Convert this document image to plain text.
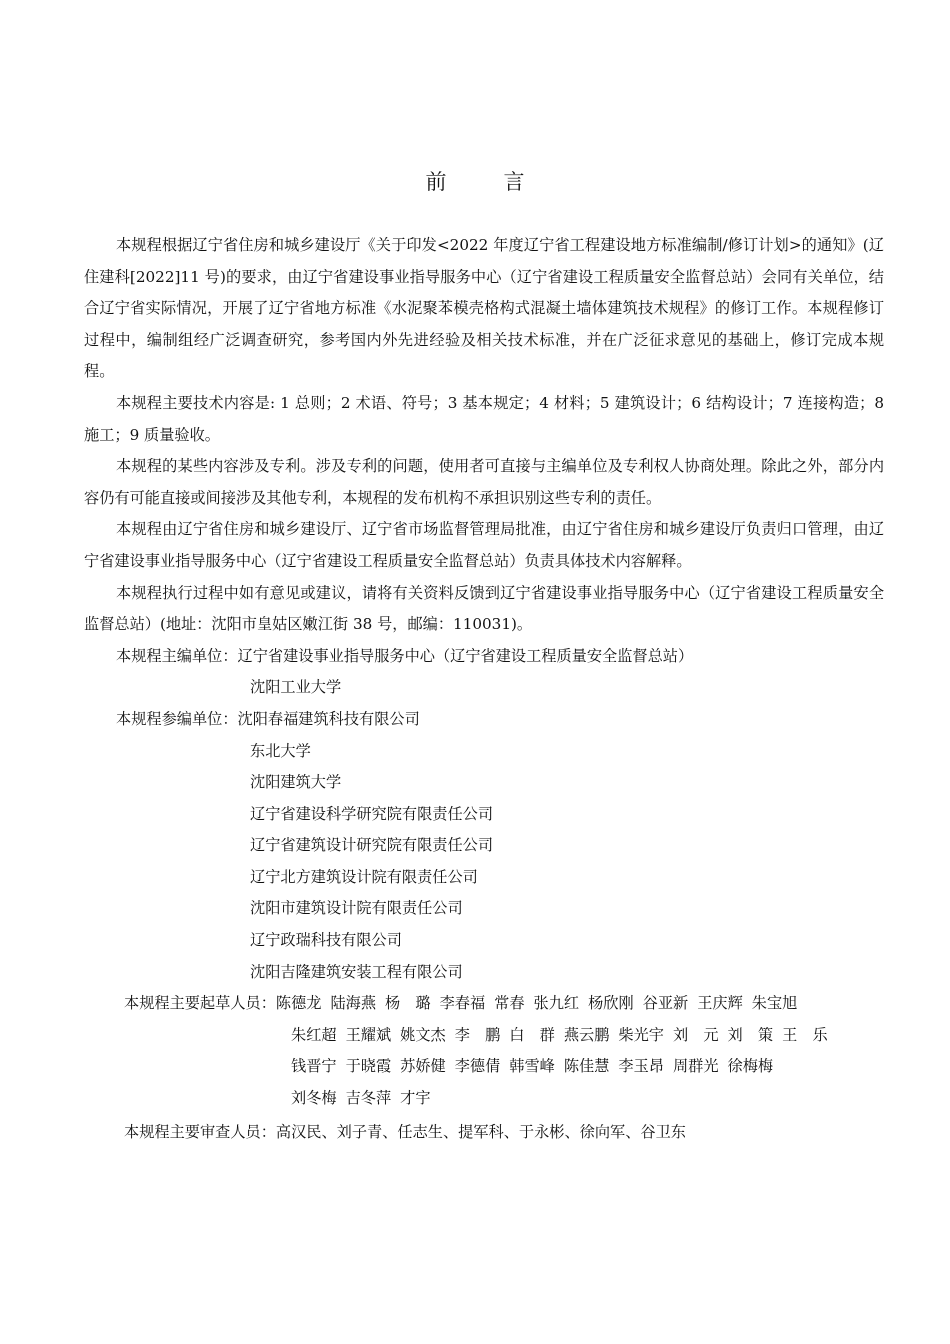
前　言

本规程根据辽宁省住房和城乡建设厅《关于印发<2022 年度辽宁省工程建设地方标准编制/修订计划>的通知》(辽住建科[2022]11 号)的要求，由辽宁省建设事业指导服务中心（辽宁省建设工程质量安全监督总站）会同有关单位，结合辽宁省实际情况，开展了辽宁省地方标准《水泥聚苯模壳格构式混凝土墙体建筑技术规程》的修订工作。本规程修订过程中，编制组经广泛调查研究，参考国内外先进经验及相关技术标准，并在广泛征求意见的基础上，修订完成本规程。

本规程主要技术内容是: 1 总则；2 术语、符号；3 基本规定；4 材料；5 建筑设计；6 结构设计；7 连接构造；8 施工；9 质量验收。

本规程的某些内容涉及专利。涉及专利的问题，使用者可直接与主编单位及专利权人协商处理。除此之外，部分内容仍有可能直接或间接涉及其他专利，本规程的发布机构不承担识别这些专利的责任。

本规程由辽宁省住房和城乡建设厅、辽宁省市场监督管理局批准，由辽宁省住房和城乡建设厅负责归口管理，由辽宁省建设事业指导服务中心（辽宁省建设工程质量安全监督总站）负责具体技术内容解释。

本规程执行过程中如有意见或建议，请将有关资料反馈到辽宁省建设事业指导服务中心（辽宁省建设工程质量安全监督总站）(地址：沈阳市皇姑区嫩江街 38 号，邮编：110031)。

本规程主编单位： 辽宁省建设事业指导服务中心（辽宁省建设工程质量安全监督总站）
沈阳工业大学
本规程参编单位： 沈阳春福建筑科技有限公司
东北大学
沈阳建筑大学
辽宁省建设科学研究院有限责任公司
辽宁省建筑设计研究院有限责任公司
辽宁北方建筑设计院有限责任公司
沈阳市建筑设计院有限责任公司
辽宁政瑞科技有限公司
沈阳吉隆建筑安装工程有限公司
本规程主要起草人员： 陈德龙 陆海燕 杨　璐 李春福 常春 张九红 杨欣刚 谷亚新 王庆辉 朱宝旭
朱红超 王耀斌 姚文杰 李　鹏 白　群 燕云鹏 柴光宇 刘　元 刘　策 王　乐
钱晋宁 于晓霞 苏娇健 李德倩 韩雪峰 陈佳慧 李玉昂 周群光 徐梅梅
刘冬梅 吉冬萍 才宇
本规程主要审查人员： 高汉民、刘子青、任志生、提军科、于永彬、徐向军、谷卫东
